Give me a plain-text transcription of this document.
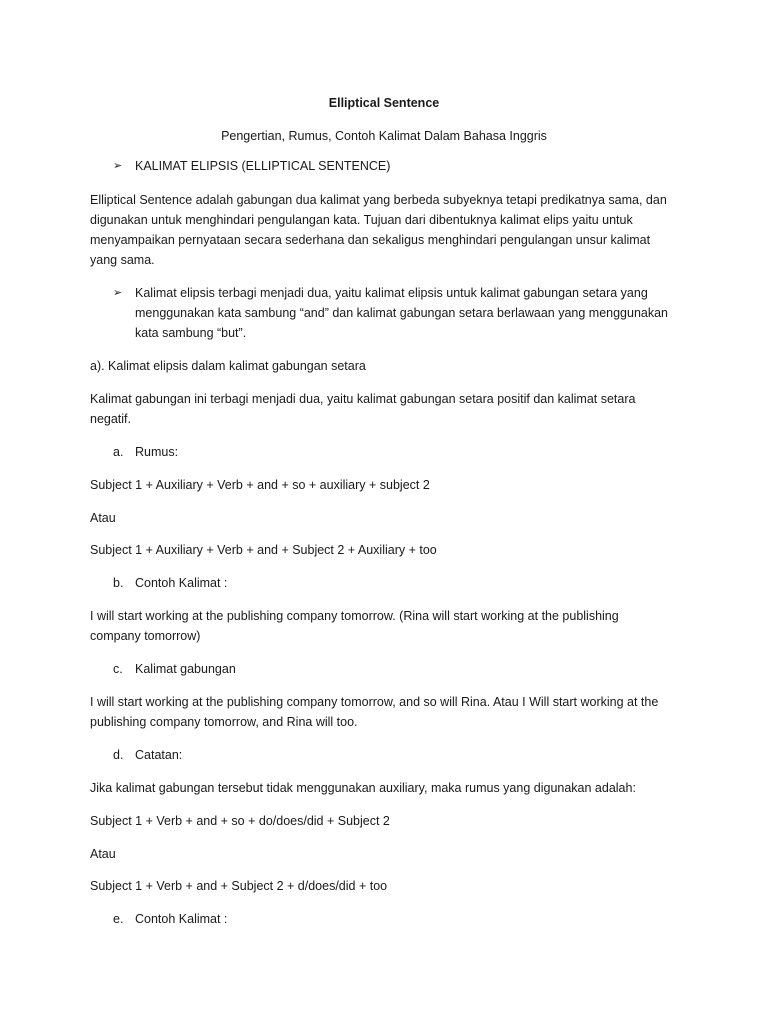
Elliptical Sentence
Pengertian, Rumus, Contoh Kalimat Dalam Bahasa Inggris
➢ KALIMAT ELIPSIS (ELLIPTICAL SENTENCE)
Elliptical Sentence adalah gabungan dua kalimat yang berbeda subyeknya tetapi predikatnya sama, dan
digunakan untuk menghindari pengulangan kata. Tujuan dari dibentuknya kalimat elips yaitu untuk
menyampaikan pernyataan secara sederhana dan sekaligus menghindari pengulangan unsur kalimat
yang sama.
➢ Kalimat elipsis terbagi menjadi dua, yaitu kalimat elipsis untuk kalimat gabungan setara yang
menggunakan kata sambung “and” dan kalimat gabungan setara berlawaan yang menggunakan
kata sambung “but”.
a). Kalimat elipsis dalam kalimat gabungan setara
Kalimat gabungan ini terbagi menjadi dua, yaitu kalimat gabungan setara positif dan kalimat setara
negatif.
a. Rumus:
Subject 1 + Auxiliary + Verb + and + so + auxiliary + subject 2
Atau
Subject 1 + Auxiliary + Verb + and + Subject 2 + Auxiliary + too
b. Contoh Kalimat :
I will start working at the publishing company tomorrow. (Rina will start working at the publishing
company tomorrow)
c. Kalimat gabungan
I will start working at the publishing company tomorrow, and so will Rina. Atau I Will start working at the
publishing company tomorrow, and Rina will too.
d. Catatan:
Jika kalimat gabungan tersebut tidak menggunakan auxiliary, maka rumus yang digunakan adalah:
Subject 1 + Verb + and + so + do/does/did + Subject 2
Atau
Subject 1 + Verb + and + Subject 2 + d/does/did + too
e. Contoh Kalimat :
